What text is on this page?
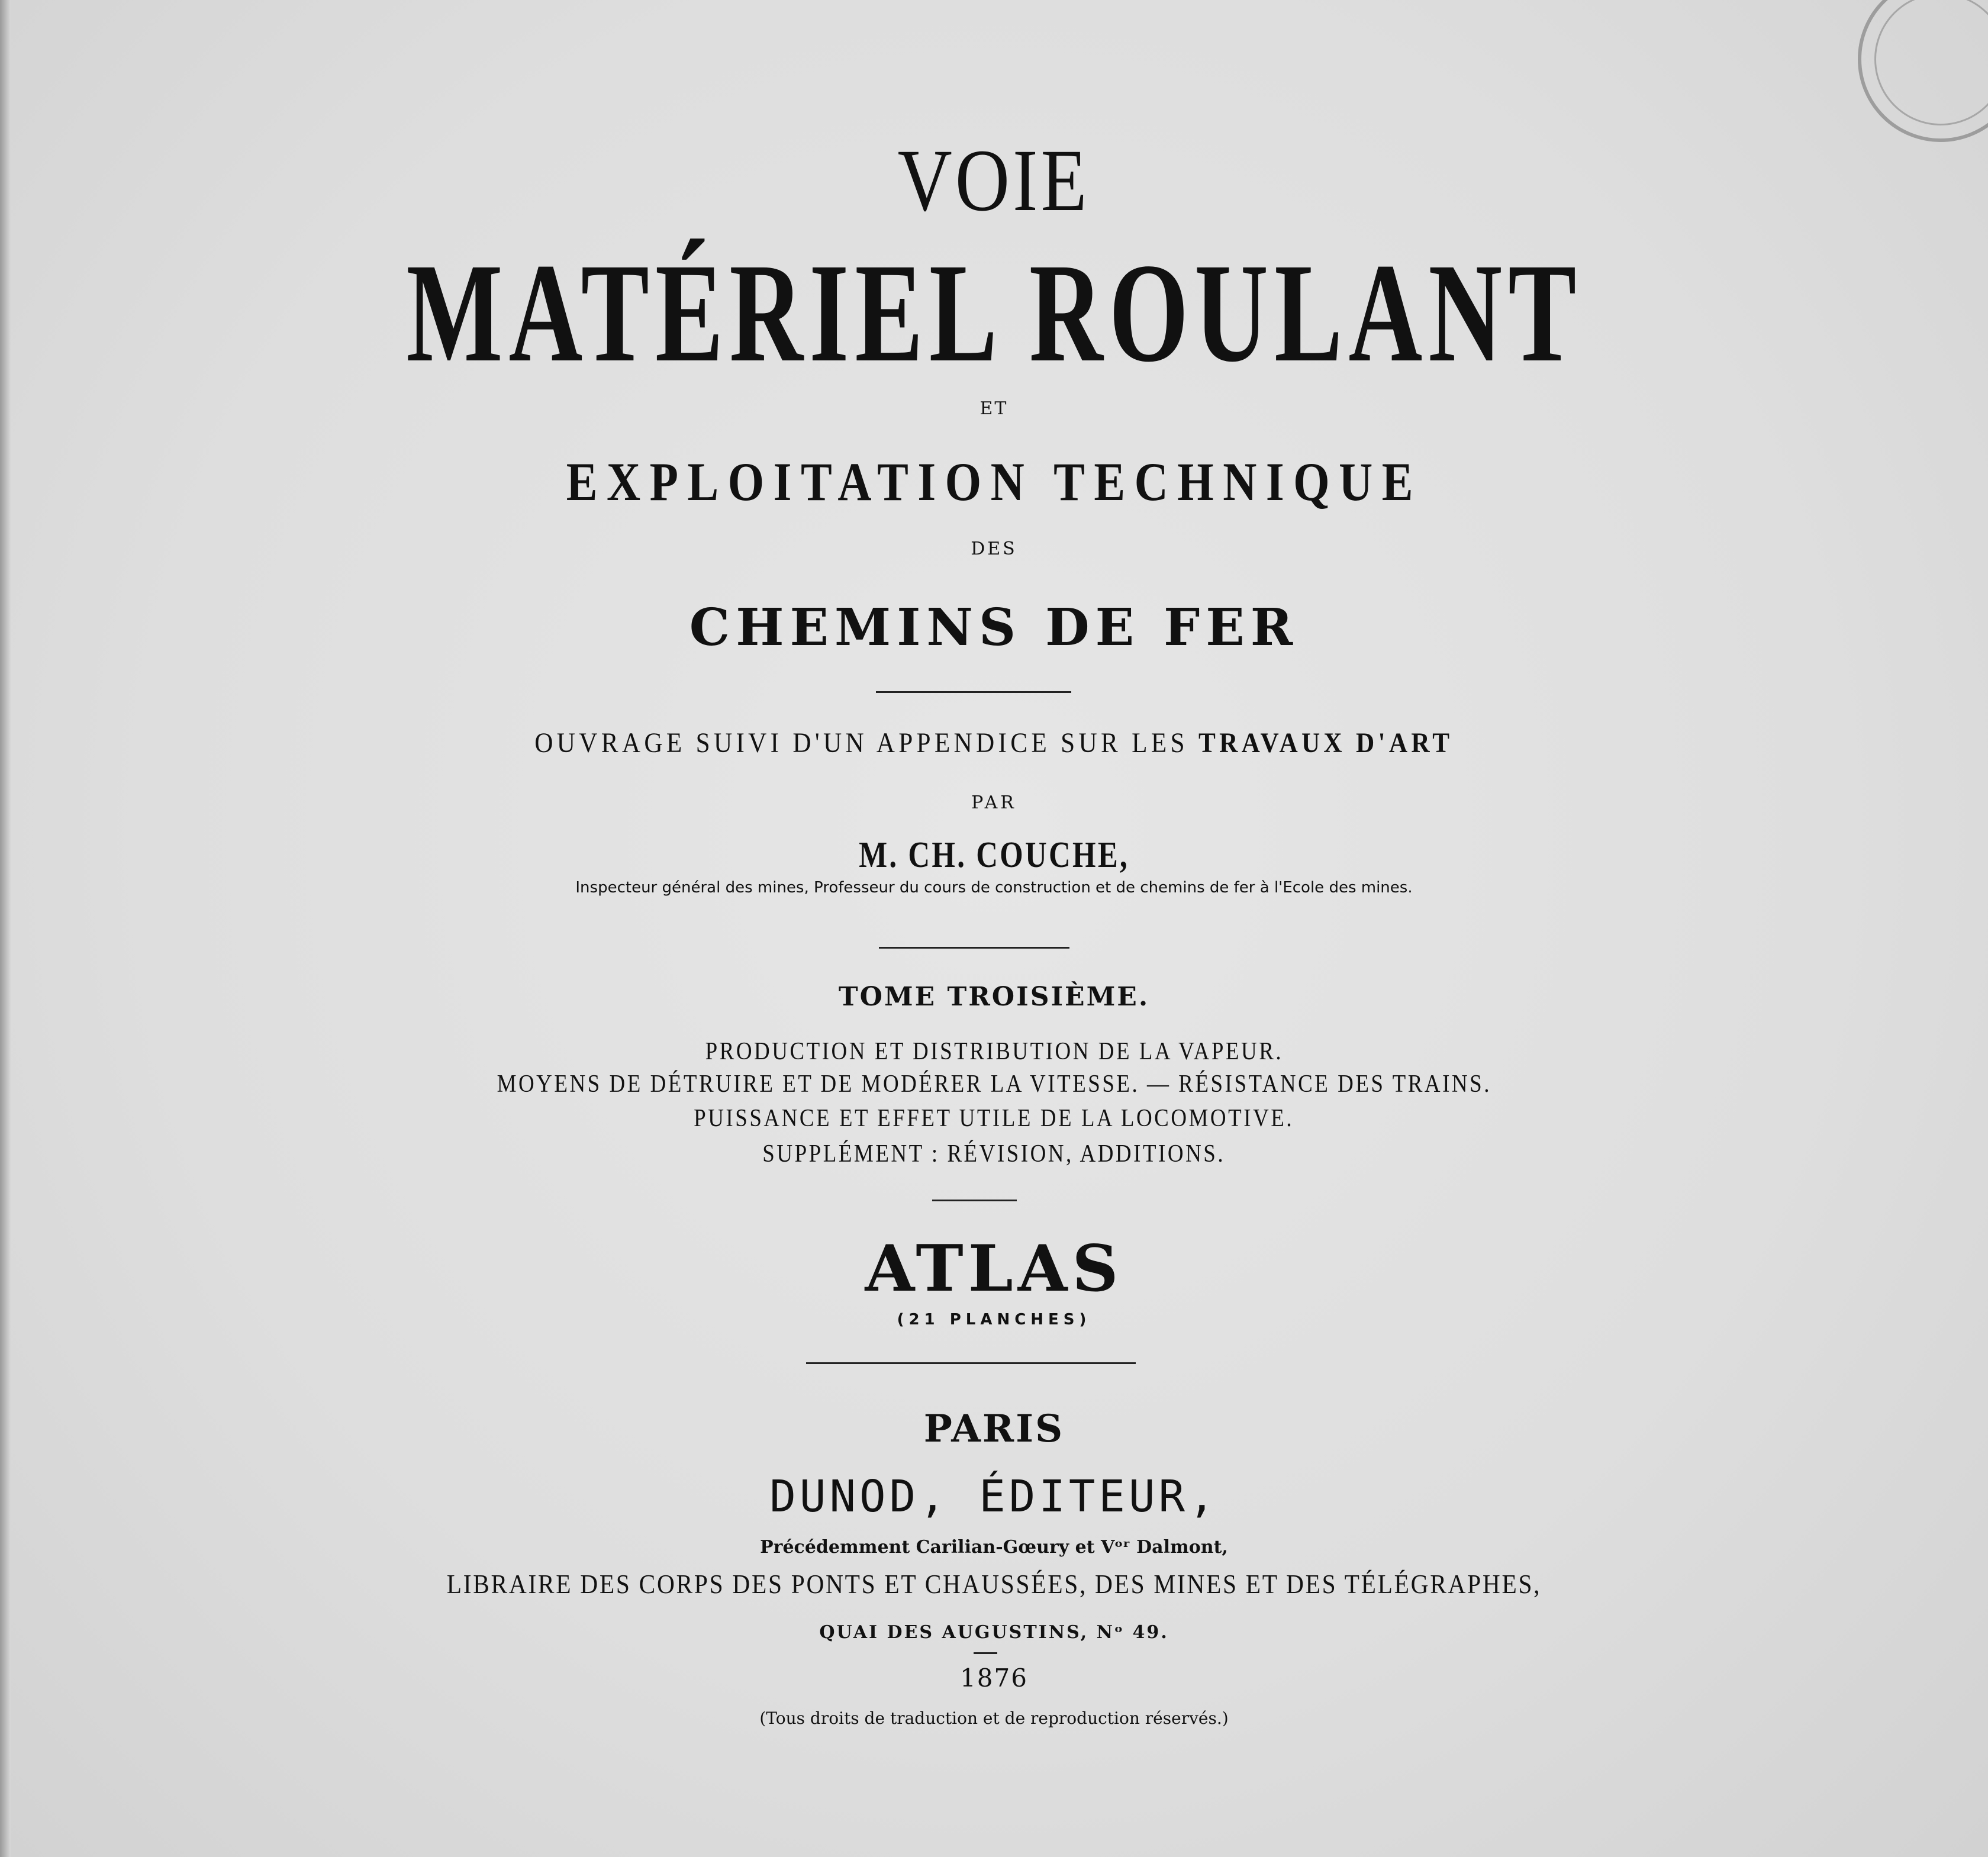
VOIE
MATÉRIEL ROULANT
ET
EXPLOITATION TECHNIQUE
DES
CHEMINS DE FER
OUVRAGE SUIVI D'UN APPENDICE SUR LES TRAVAUX D'ART
PAR
M. CH. COUCHE,
Inspecteur général des mines, Professeur du cours de construction et de chemins de fer à l'Ecole des mines.
TOME TROISIÈME.
PRODUCTION ET DISTRIBUTION DE LA VAPEUR.
MOYENS DE DÉTRUIRE ET DE MODÉRER LA VITESSE. — RÉSISTANCE DES TRAINS.
PUISSANCE ET EFFET UTILE DE LA LOCOMOTIVE.
SUPPLÉMENT : RÉVISION, ADDITIONS.
ATLAS
(21 PLANCHES)
PARIS
DUNOD, ÉDITEUR,
Précédemment Carilian-Gœury et Vᵒʳ Dalmont,
LIBRAIRE DES CORPS DES PONTS ET CHAUSSÉES, DES MINES ET DES TÉLÉGRAPHES,
QUAI DES AUGUSTINS, Nᵒ 49.
1876
(Tous droits de traduction et de reproduction réservés.)
